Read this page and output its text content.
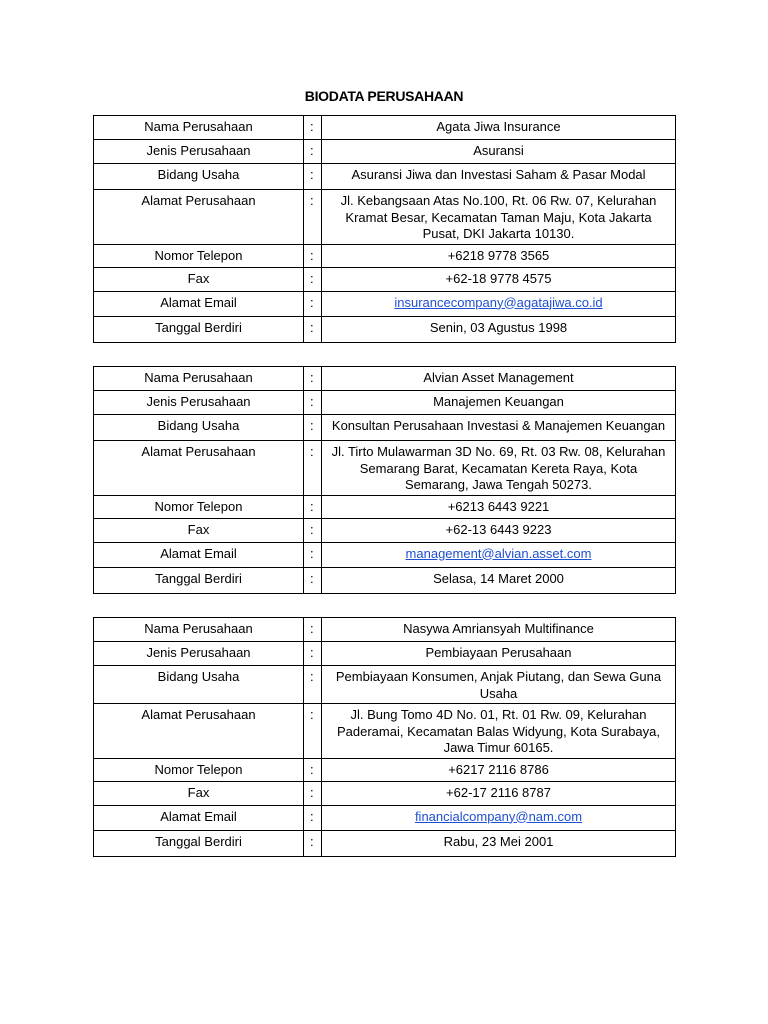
BIODATA PERUSAHAAN
Nama Perusahaan	:	Agata Jiwa Insurance
Jenis Perusahaan	:	Asuransi
Bidang Usaha	:	Asuransi Jiwa dan Investasi Saham & Pasar Modal
Alamat Perusahaan	:	Jl. Kebangsaan Atas No.100, Rt. 06 Rw. 07, Kelurahan Kramat Besar, Kecamatan Taman Maju, Kota Jakarta Pusat, DKI Jakarta 10130.
Nomor Telepon	:	+6218 9778 3565
Fax	:	+62-18 9778 4575
Alamat Email	:	insurancecompany@agatajiwa.co.id
Tanggal Berdiri	:	Senin, 03 Agustus 1998
Nama Perusahaan	:	Alvian Asset Management
Jenis Perusahaan	:	Manajemen Keuangan
Bidang Usaha	:	Konsultan Perusahaan Investasi & Manajemen Keuangan
Alamat Perusahaan	:	Jl. Tirto Mulawarman 3D No. 69, Rt. 03 Rw. 08, Kelurahan Semarang Barat, Kecamatan Kereta Raya, Kota Semarang, Jawa Tengah 50273.
Nomor Telepon	:	+6213 6443 9221
Fax	:	+62-13 6443 9223
Alamat Email	:	management@alvian.asset.com
Tanggal Berdiri	:	Selasa, 14 Maret 2000
Nama Perusahaan	:	Nasywa Amriansyah Multifinance
Jenis Perusahaan	:	Pembiayaan Perusahaan
Bidang Usaha	:	Pembiayaan Konsumen, Anjak Piutang, dan Sewa Guna Usaha
Alamat Perusahaan	:	Jl. Bung Tomo 4D No. 01, Rt. 01 Rw. 09, Kelurahan Paderamai, Kecamatan Balas Widyung, Kota Surabaya, Jawa Timur 60165.
Nomor Telepon	:	+6217 2116 8786
Fax	:	+62-17 2116 8787
Alamat Email	:	financialcompany@nam.com
Tanggal Berdiri	:	Rabu, 23 Mei 2001
